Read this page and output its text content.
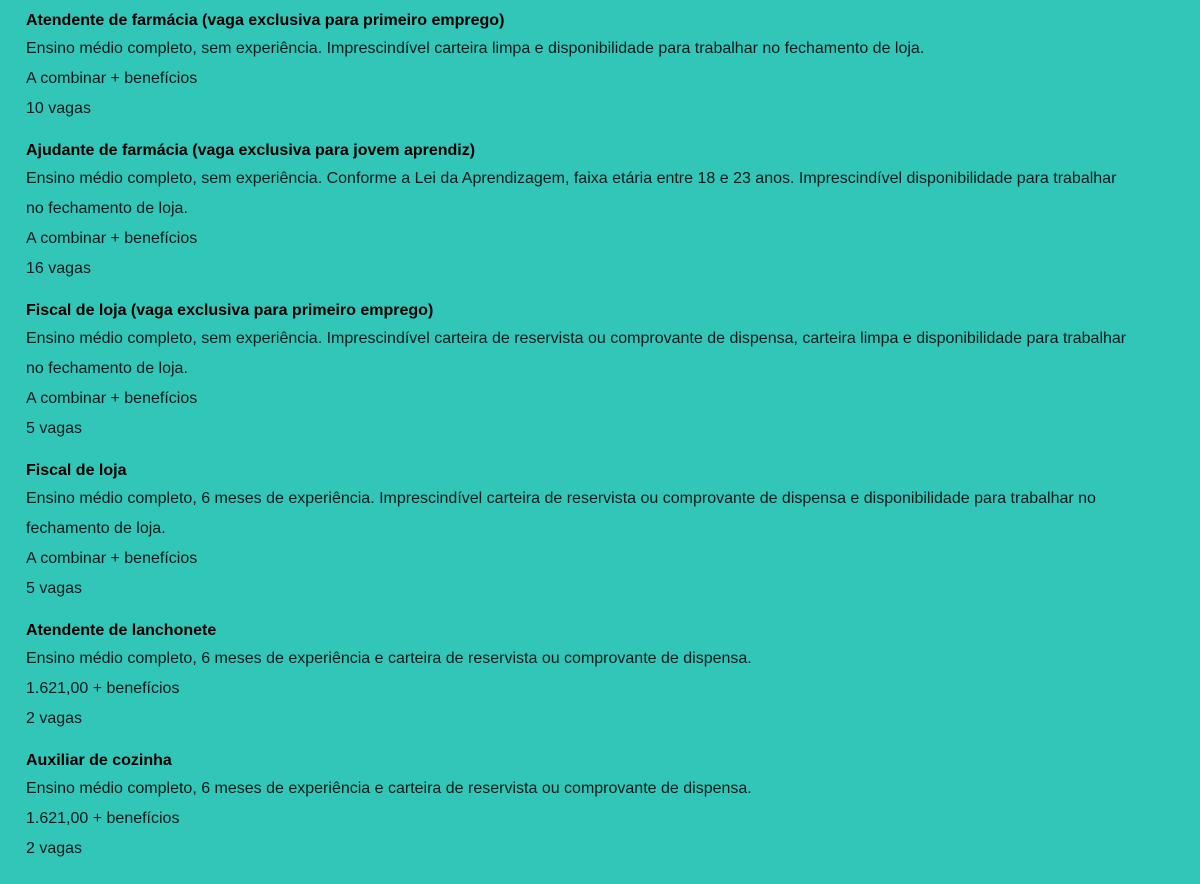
Atendente de farmácia (vaga exclusiva para primeiro emprego)

Ensino médio completo, sem experiência. Imprescindível carteira limpa e disponibilidade para trabalhar no fechamento de loja.

A combinar + benefícios

10 vagas

Ajudante de farmácia (vaga exclusiva para jovem aprendiz)

Ensino médio completo, sem experiência. Conforme a Lei da Aprendizagem, faixa etária entre 18 e 23 anos. Imprescindível disponibilidade para trabalhar no fechamento de loja.

A combinar + benefícios

16 vagas

Fiscal de loja (vaga exclusiva para primeiro emprego)

Ensino médio completo, sem experiência. Imprescindível carteira de reservista ou comprovante de dispensa, carteira limpa e disponibilidade para trabalhar no fechamento de loja.

A combinar + benefícios

5 vagas

Fiscal de loja

Ensino médio completo, 6 meses de experiência. Imprescindível carteira de reservista ou comprovante de dispensa e disponibilidade para trabalhar no fechamento de loja.

A combinar + benefícios

5 vagas

Atendente de lanchonete

Ensino médio completo, 6 meses de experiência e carteira de reservista ou comprovante de dispensa.

1.621,00 + benefícios

2 vagas

Auxiliar de cozinha

Ensino médio completo, 6 meses de experiência e carteira de reservista ou comprovante de dispensa.

1.621,00 + benefícios

2 vagas
